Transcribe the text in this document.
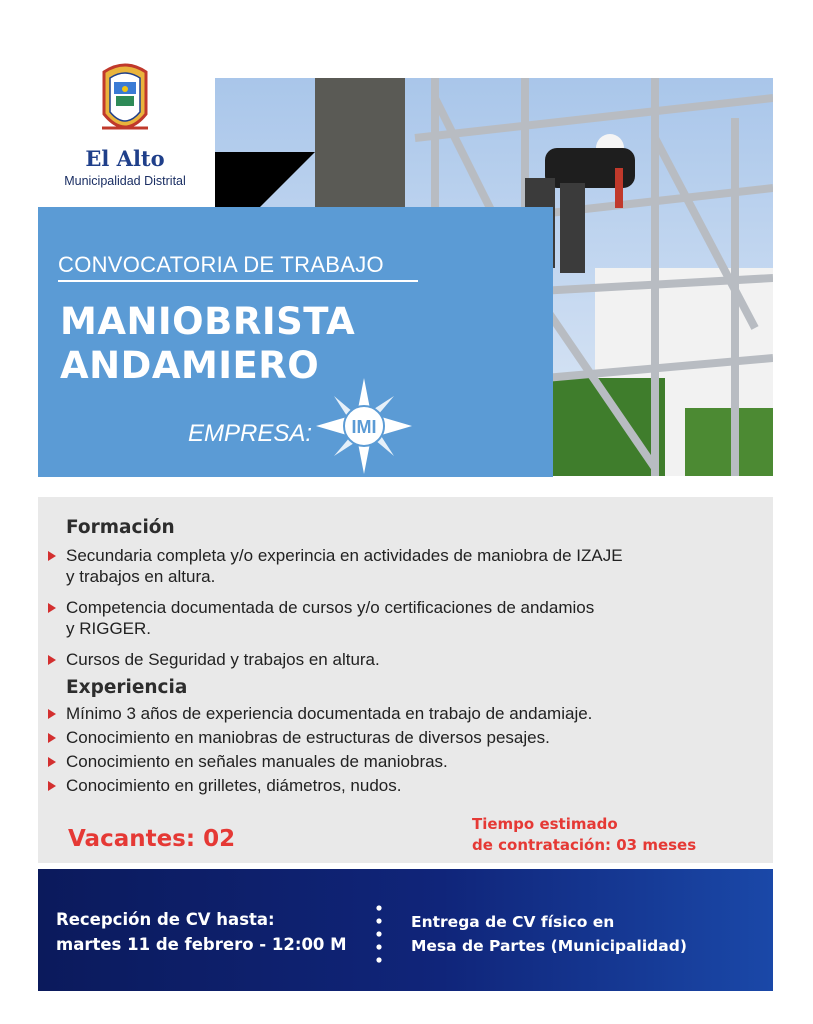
El Alto
Municipalidad Distrital
CONVOCATORIA DE TRABAJO
MANIOBRISTA
ANDAMIERO
EMPRESA: IMI
Formación
Secundaria completa y/o experincia en actividades de maniobra de IZAJE
y trabajos en altura.
Competencia documentada de cursos y/o certificaciones de andamios
y RIGGER.
Cursos de Seguridad y trabajos en altura.
Experiencia
Mínimo 3 años de experiencia documentada en trabajo de andamiaje.
Conocimiento en maniobras de estructuras de diversos pesajes.
Conocimiento en señales manuales de maniobras.
Conocimiento en grilletes, diámetros, nudos.
Vacantes: 02
Tiempo estimado
de contratación: 03 meses
Recepción de CV hasta:
martes 11 de febrero - 12:00 M
Entrega de CV físico en
Mesa de Partes (Municipalidad)
